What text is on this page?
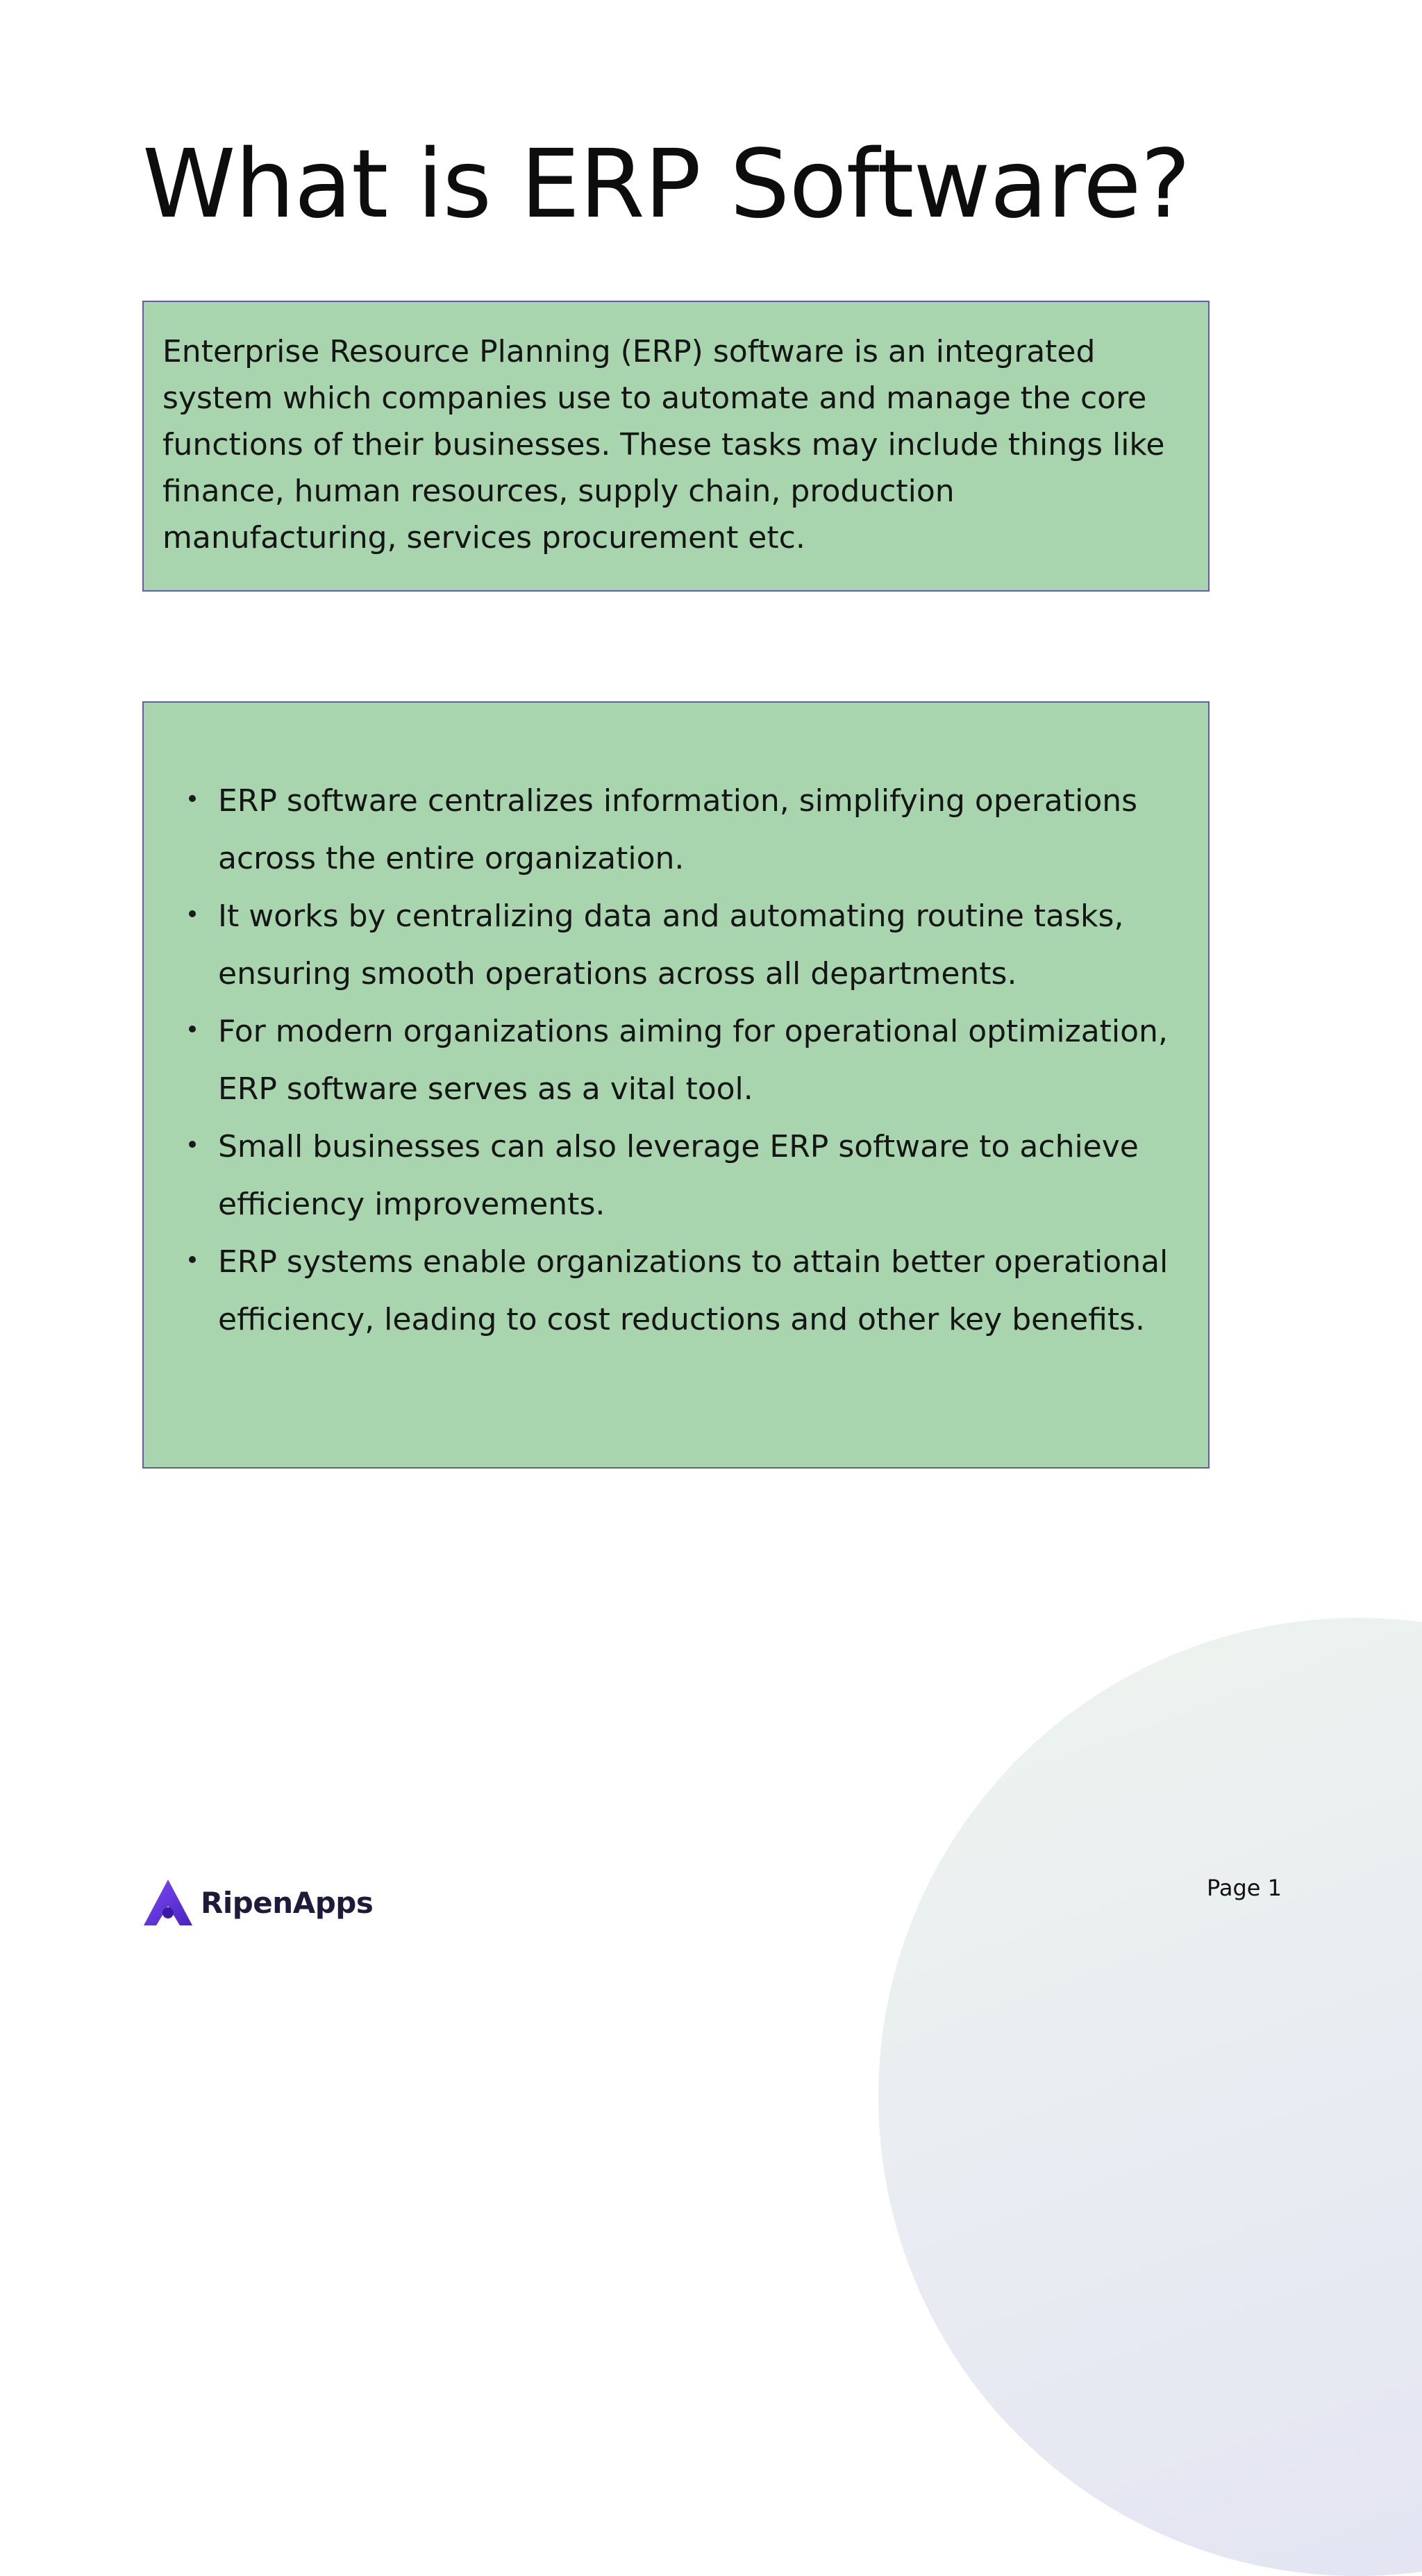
What is ERP Software?

Enterprise Resource Planning (ERP) software is an integrated system which companies use to automate and manage the core functions of their businesses. These tasks may include things like finance, human resources, supply chain, production manufacturing, services procurement etc.

ERP software centralizes information, simplifying operations across the entire organization.
It works by centralizing data and automating routine tasks, ensuring smooth operations across all departments.
For modern organizations aiming for operational optimization, ERP software serves as a vital tool.
Small businesses can also leverage ERP software to achieve efficiency improvements.
ERP systems enable organizations to attain better operational efficiency, leading to cost reductions and other key benefits.
RipenApps	Page 1
